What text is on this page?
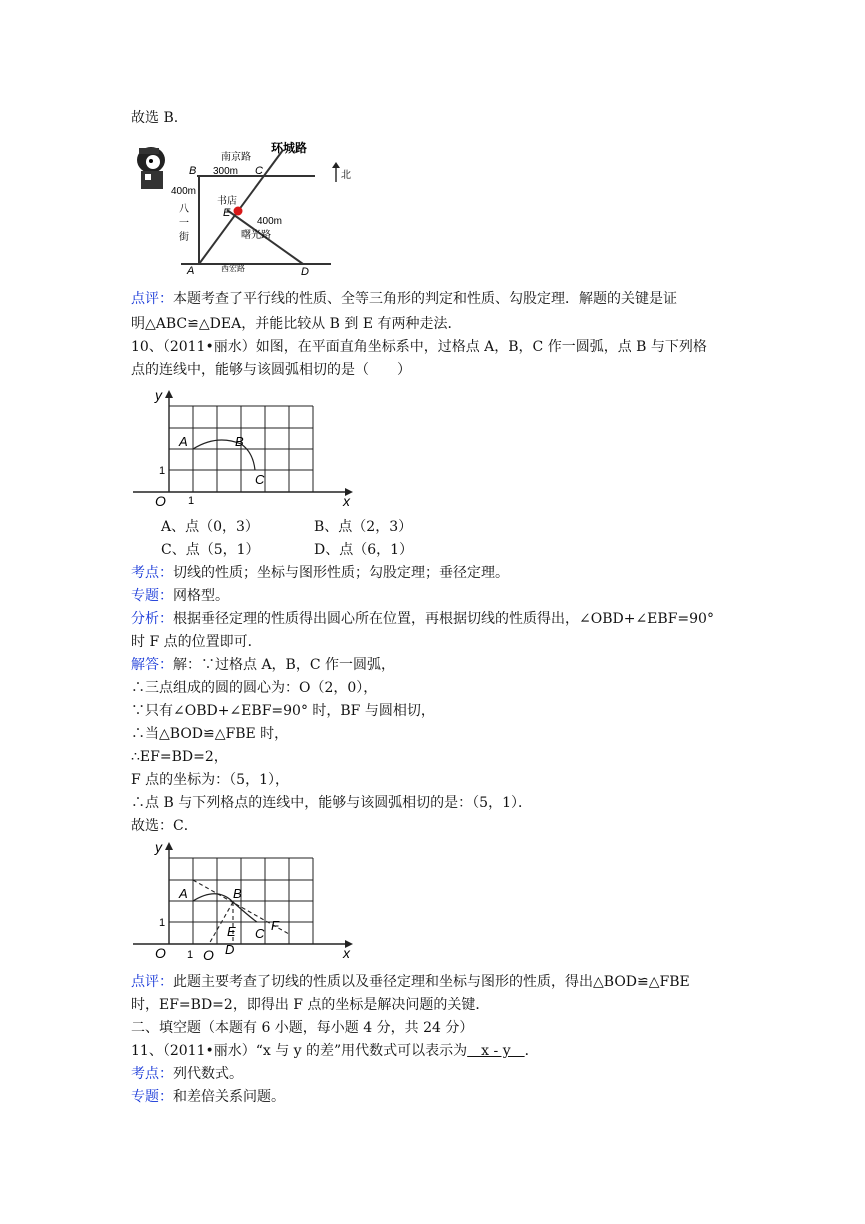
故选 B.
北
南京路
环城路
300m
B	C
400m
八一街
书店
E
400m
曙光路
A	西宏路	D
点评：本题考查了平行线的性质、全等三角形的判定和性质、勾股定理．解题的关键是证
明△ABC≌△DEA，并能比较从 B 到 E 有两种走法．
10、（2011•丽水）如图，在平面直角坐标系中，过格点 A，B，C 作一圆弧，点 B 与下列格
点的连线中，能够与该圆弧相切的是（　　）
y
x
O 1
1
A	B
C
A、点（0，3）	B、点（2，3）
C、点（5，1）	D、点（6，1）
考点：切线的性质；坐标与图形性质；勾股定理；垂径定理。
专题：网格型。
分析：根据垂径定理的性质得出圆心所在位置，再根据切线的性质得出，∠OBD+∠EBF=90°
时 F 点的位置即可．
解答：解：∵过格点 A，B，C 作一圆弧，
∴三点组成的圆的圆心为：O（2，0），
∵只有∠OBD+∠EBF=90° 时，BF 与圆相切，
∴当△BOD≌△FBE 时，
∴EF=BD=2，
F 点的坐标为：（5，1），
∴点 B 与下列格点的连线中，能够与该圆弧相切的是：（5，1）．
故选：C．
y
x
O	O
1
1
A	B
C
D
E	F
点评：此题主要考查了切线的性质以及垂径定理和坐标与图形的性质，得出△BOD≌△FBE
时，EF=BD=2，即得出 F 点的坐标是解决问题的关键．
二、填空题（本题有 6 小题，每小题 4 分，共 24 分）
11、（2011•丽水）“x 与 y 的差”用代数式可以表示为　x - y　．
考点：列代数式。
专题：和差倍关系问题。
